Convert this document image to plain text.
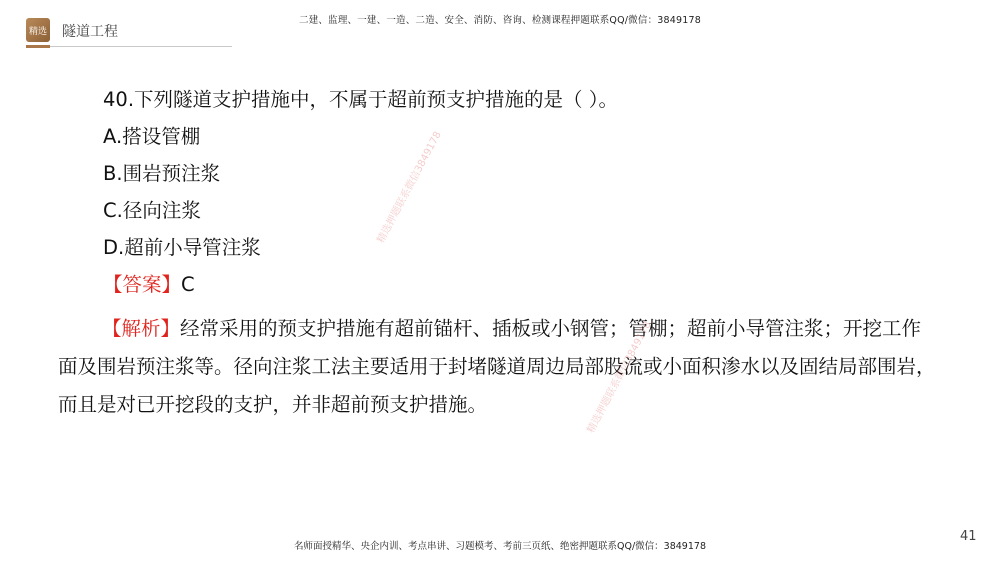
精选 隧道工程
二建、监理、一建、一造、二造、安全、消防、咨询、检测课程押题联系QQ/微信：3849178
40.下列隧道支护措施中，不属于超前预支护措施的是（ ）。
A.搭设管棚
B.围岩预注浆
C.径向注浆
D.超前小导管注浆
【答案】C
【解析】经常采用的预支护措施有超前锚杆、插板或小钢管；管棚；超前小导管注浆；开挖工作面及围岩预注浆等。径向注浆工法主要适用于封堵隧道周边局部股流或小面积渗水以及固结局部围岩，而且是对已开挖段的支护，并非超前预支护措施。
精选押题联系微信3849178
精选押题联系微信3849178
名师面授精华、央企内训、考点串讲、习题模考、考前三页纸、绝密押题联系QQ/微信：3849178
41
